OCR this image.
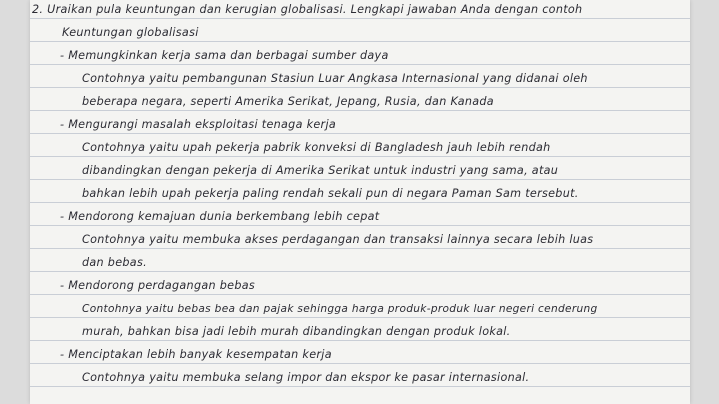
2. Uraikan pula keuntungan dan kerugian globalisasi. Lengkapi jawaban Anda dengan contoh
Keuntungan globalisasi
- Memungkinkan kerja sama dan berbagai sumber daya
Contohnya yaitu pembangunan Stasiun Luar Angkasa Internasional yang didanai oleh
beberapa negara, seperti Amerika Serikat, Jepang, Rusia, dan Kanada
- Mengurangi masalah eksploitasi tenaga kerja
Contohnya yaitu upah pekerja pabrik konveksi di Bangladesh jauh lebih rendah
dibandingkan dengan pekerja di Amerika Serikat untuk industri yang sama, atau
bahkan lebih upah pekerja paling rendah sekali pun di negara Paman Sam tersebut.
- Mendorong kemajuan dunia berkembang lebih cepat
Contohnya yaitu membuka akses perdagangan dan transaksi lainnya secara lebih luas
dan bebas.
- Mendorong perdagangan bebas
Contohnya yaitu bebas bea dan pajak sehingga harga produk-produk luar negeri cenderung
murah, bahkan bisa jadi lebih murah dibandingkan dengan produk lokal.
- Menciptakan lebih banyak kesempatan kerja
Contohnya yaitu membuka selang impor dan ekspor ke pasar internasional.
